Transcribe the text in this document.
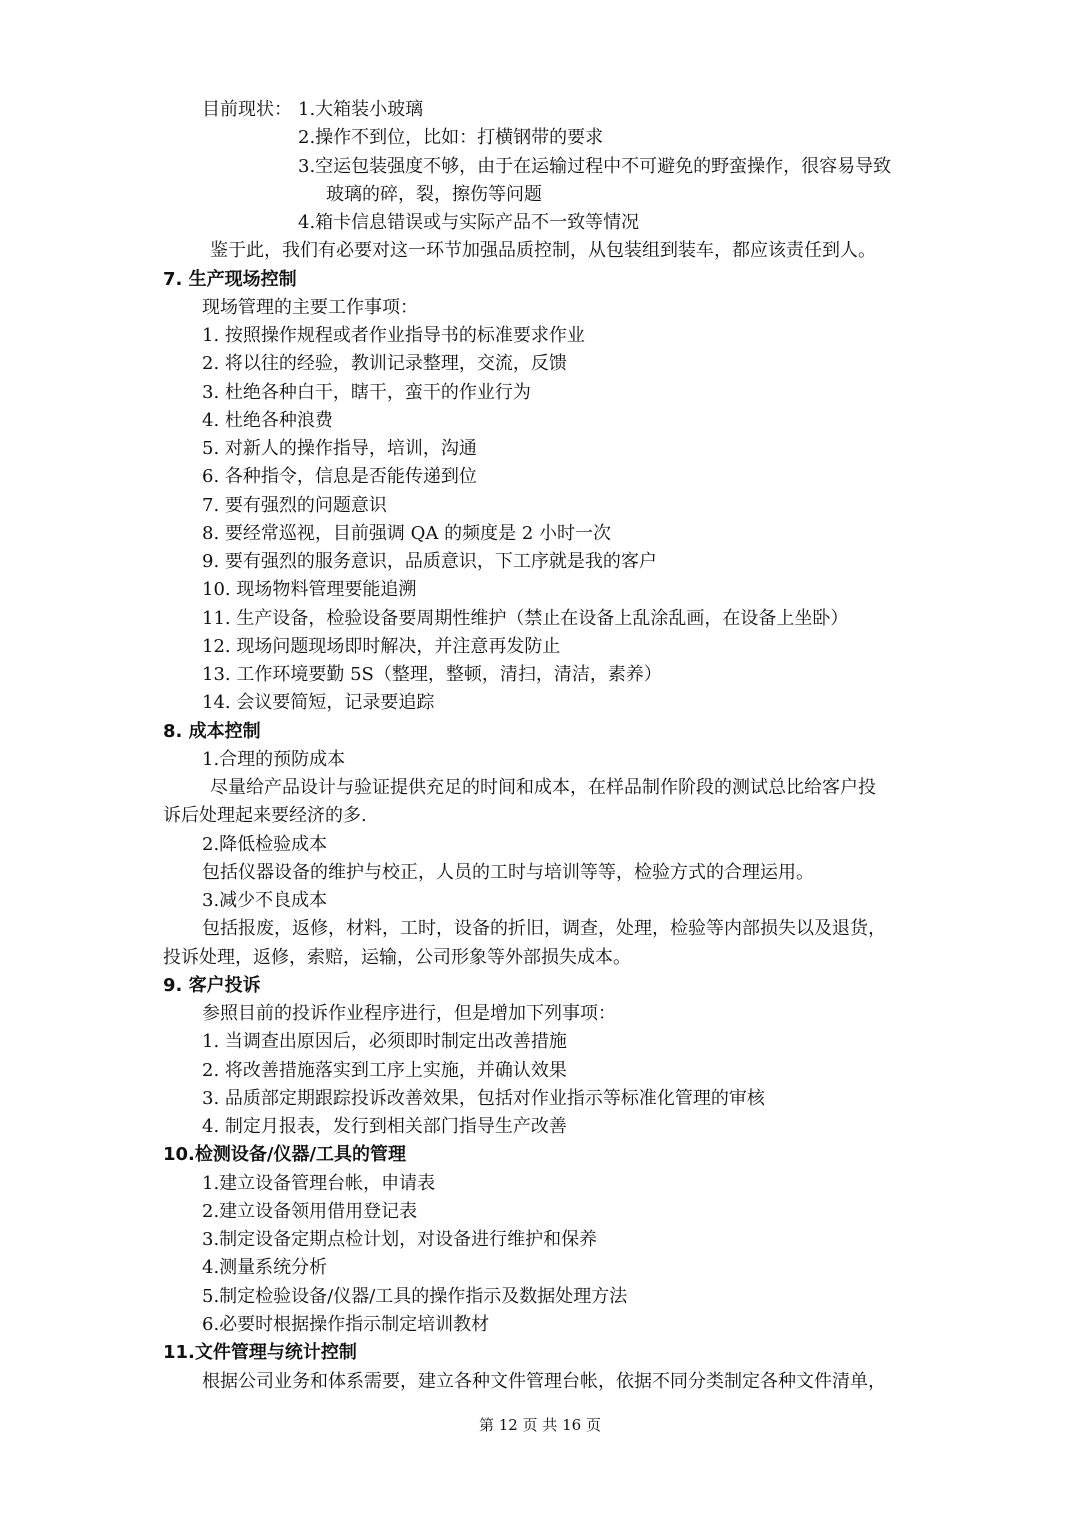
目前现状： 1.大箱装小玻璃
2.操作不到位，比如：打横钢带的要求
3.空运包装强度不够，由于在运输过程中不可避免的野蛮操作，很容易导致
玻璃的碎，裂，擦伤等问题
4.箱卡信息错误或与实际产品不一致等情况
鉴于此，我们有必要对这一环节加强品质控制，从包装组到装车，都应该责任到人。
7. 生产现场控制
现场管理的主要工作事项：
1. 按照操作规程或者作业指导书的标准要求作业
2. 将以往的经验，教训记录整理，交流，反馈
3. 杜绝各种白干，瞎干，蛮干的作业行为
4. 杜绝各种浪费
5. 对新人的操作指导，培训，沟通
6. 各种指令，信息是否能传递到位
7. 要有强烈的问题意识
8. 要经常巡视，目前强调 QA 的频度是 2 小时一次
9. 要有强烈的服务意识，品质意识，下工序就是我的客户
10. 现场物料管理要能追溯
11. 生产设备，检验设备要周期性维护（禁止在设备上乱涂乱画，在设备上坐卧）
12. 现场问题现场即时解决，并注意再发防止
13. 工作环境要勤 5S（整理，整顿，清扫，清洁，素养）
14. 会议要简短，记录要追踪
8. 成本控制
1.合理的预防成本
尽量给产品设计与验证提供充足的时间和成本，在样品制作阶段的测试总比给客户投
诉后处理起来要经济的多.
2.降低检验成本
包括仪器设备的维护与校正，人员的工时与培训等等，检验方式的合理运用。
3.减少不良成本
包括报废，返修，材料，工时，设备的折旧，调查，处理，检验等内部损失以及退货，
投诉处理，返修，索赔，运输，公司形象等外部损失成本。
9. 客户投诉
参照目前的投诉作业程序进行，但是增加下列事项：
1. 当调查出原因后，必须即时制定出改善措施
2. 将改善措施落实到工序上实施，并确认效果
3. 品质部定期跟踪投诉改善效果，包括对作业指示等标准化管理的审核
4. 制定月报表，发行到相关部门指导生产改善
10.检测设备/仪器/工具的管理
1.建立设备管理台帐，申请表
2.建立设备领用借用登记表
3.制定设备定期点检计划，对设备进行维护和保养
4.测量系统分析
5.制定检验设备/仪器/工具的操作指示及数据处理方法
6.必要时根据操作指示制定培训教材
11.文件管理与统计控制
根据公司业务和体系需要，建立各种文件管理台帐，依据不同分类制定各种文件清单，
第 12 页 共 16 页
